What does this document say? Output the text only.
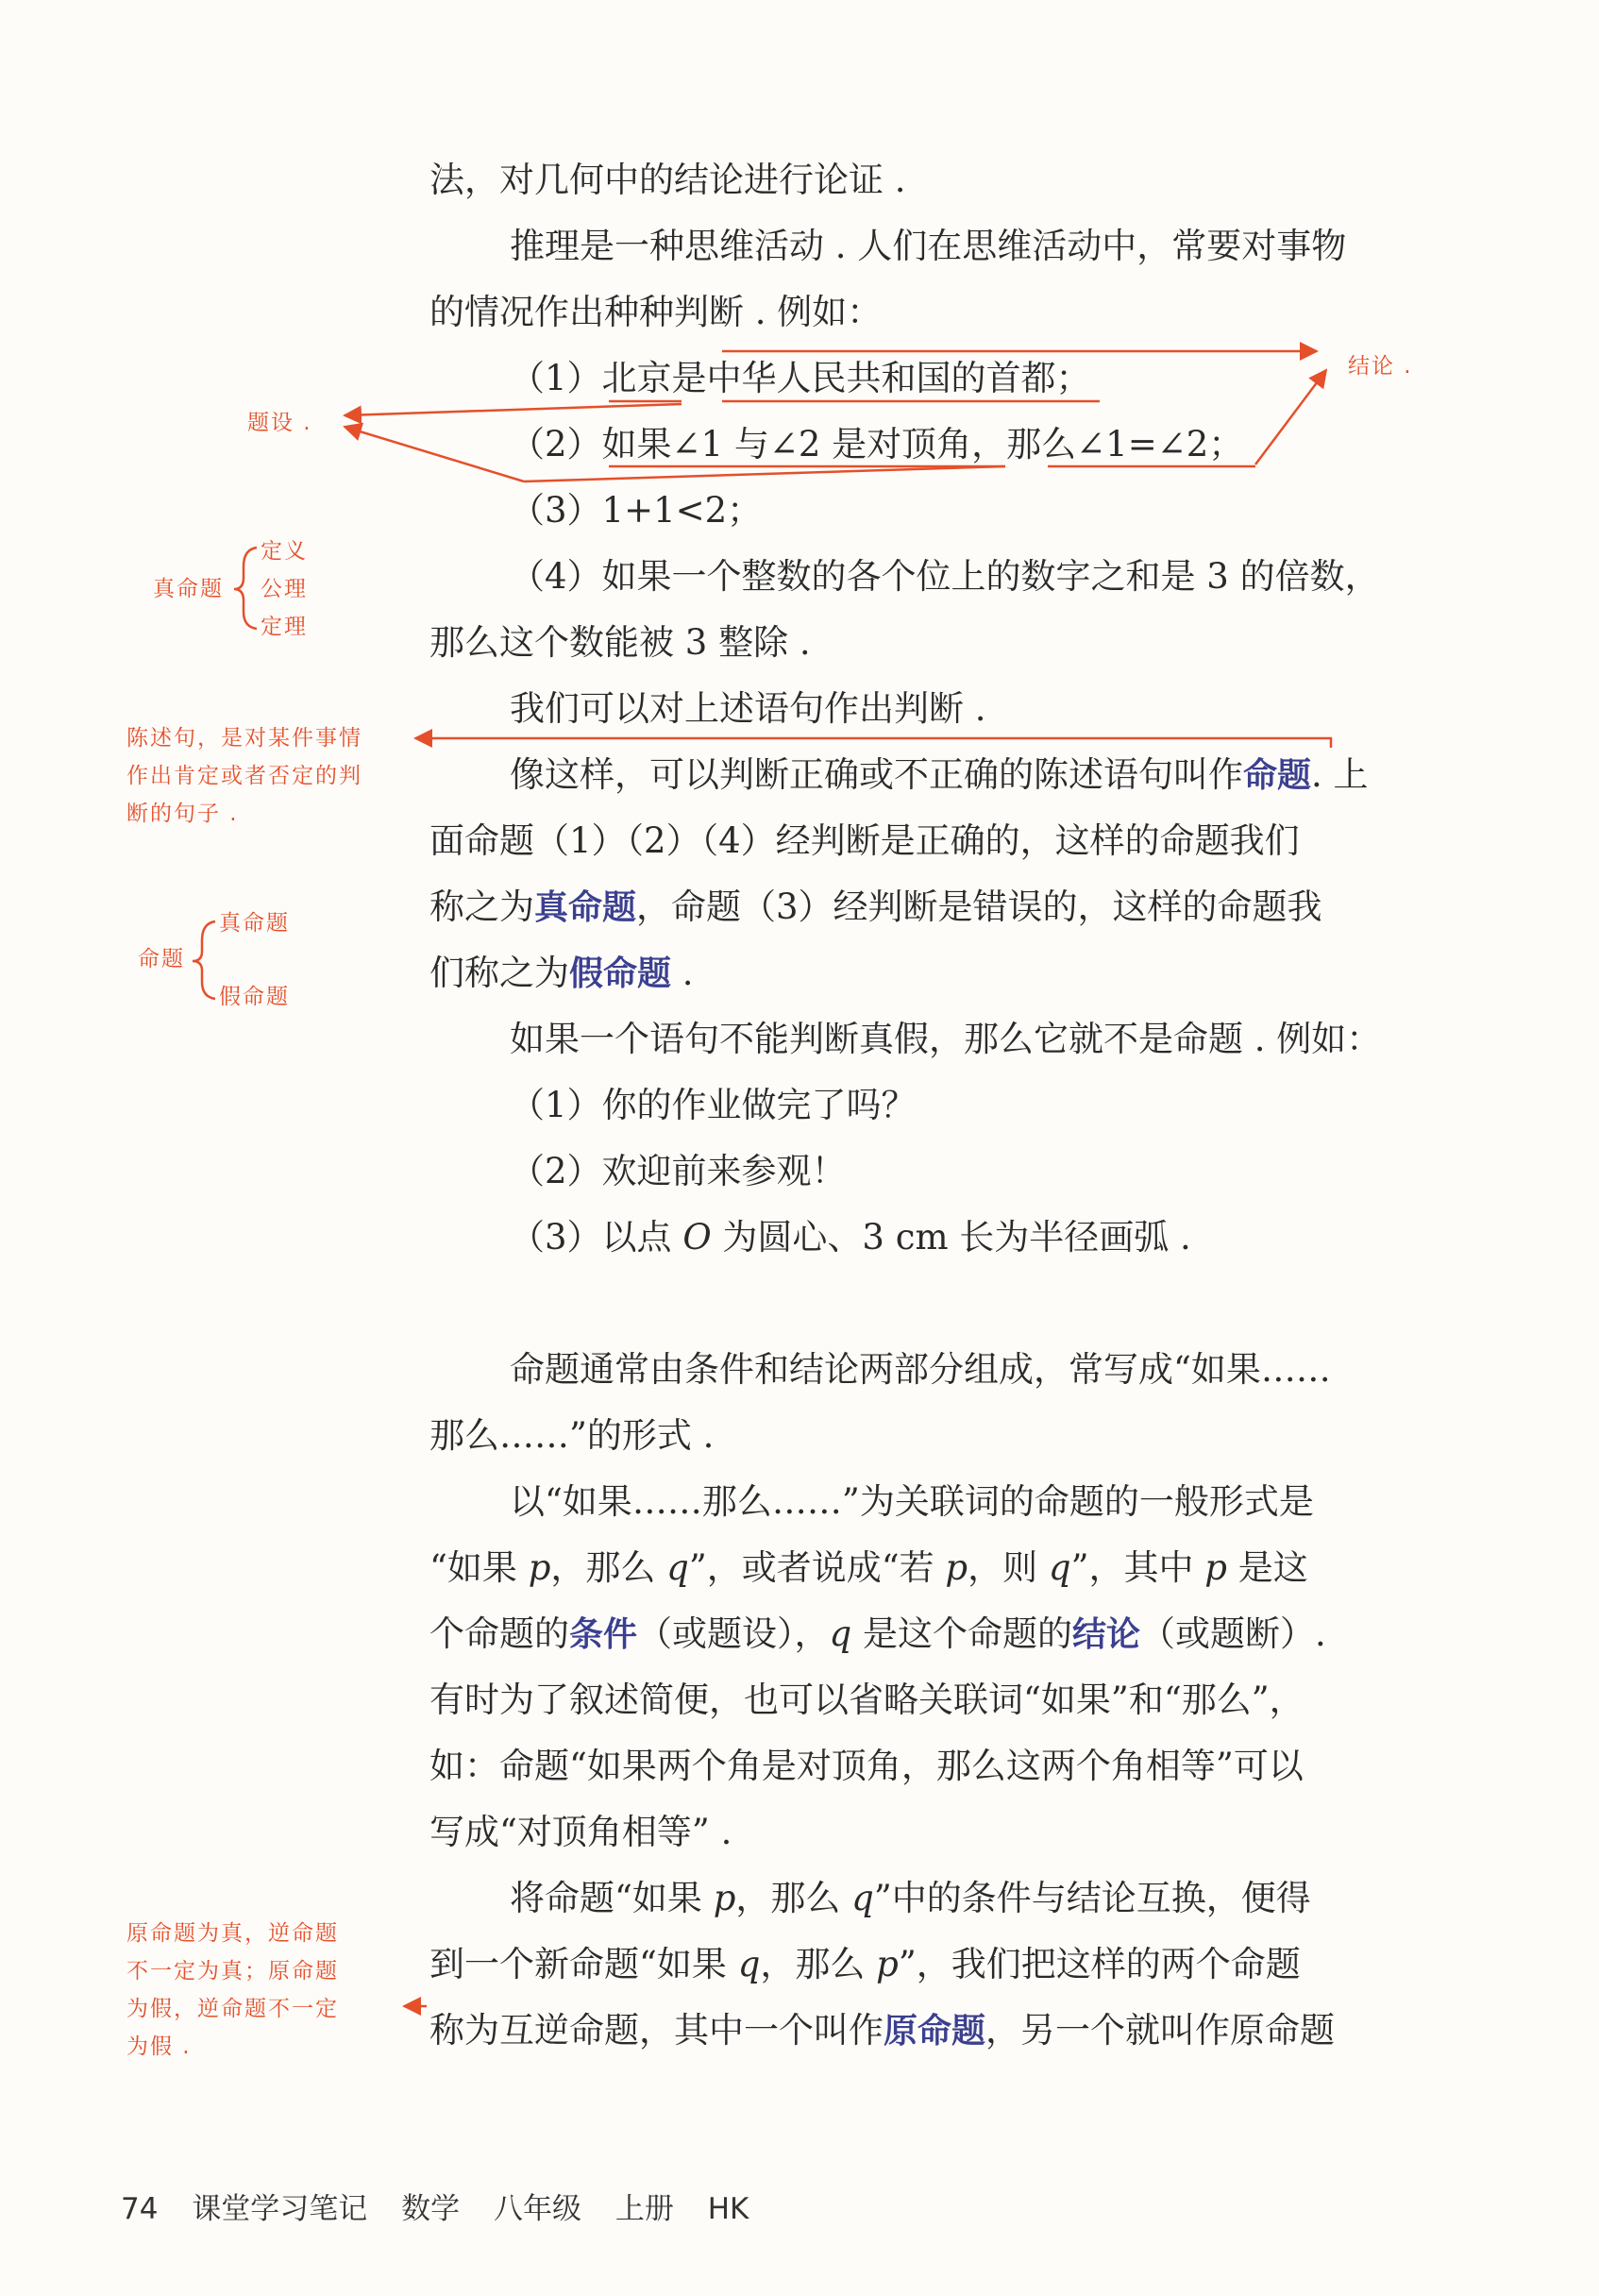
法，对几何中的结论进行论证 .
推理是一种思维活动 . 人们在思维活动中，常要对事物
的情况作出种种判断 . 例如：
（1）北京是中华人民共和国的首都；
（2）如果∠1 与∠2 是对顶角，那么∠1=∠2；
（3）1+1<2；
（4）如果一个整数的各个位上的数字之和是 3 的倍数，
那么这个数能被 3 整除 .
我们可以对上述语句作出判断 .
像这样，可以判断正确或不正确的陈述语句叫作命题. 上
面命题（1）（2）（4）经判断是正确的，这样的命题我们
称之为真命题，命题（3）经判断是错误的，这样的命题我
们称之为假命题 .
如果一个语句不能判断真假，那么它就不是命题 . 例如：
（1）你的作业做完了吗？
（2）欢迎前来参观！
（3）以点 O 为圆心、3 cm 长为半径画弧 .
命题通常由条件和结论两部分组成，常写成“如果……
那么……”的形式 .
以“如果……那么……”为关联词的命题的一般形式是
“如果 p，那么 q”，或者说成“若 p，则 q”，其中 p 是这
个命题的条件（或题设），q 是这个命题的结论（或题断）.
有时为了叙述简便，也可以省略关联词“如果”和“那么”，
如：命题“如果两个角是对顶角，那么这两个角相等”可以
写成“对顶角相等” .
将命题“如果 p，那么 q”中的条件与结论互换，便得
到一个新命题“如果 q，那么 p”，我们把这样的两个命题
称为互逆命题，其中一个叫作原命题，另一个就叫作原命题
结论 .
题设 .
真命题
定义
公理
定理
陈述句，是对某件事情
作出肯定或者否定的判
断的句子 .
命题
真命题
假命题
原命题为真，逆命题
不一定为真；原命题
为假，逆命题不一定
为假 .
74 课堂学习笔记 数学 八年级 上册 HK
